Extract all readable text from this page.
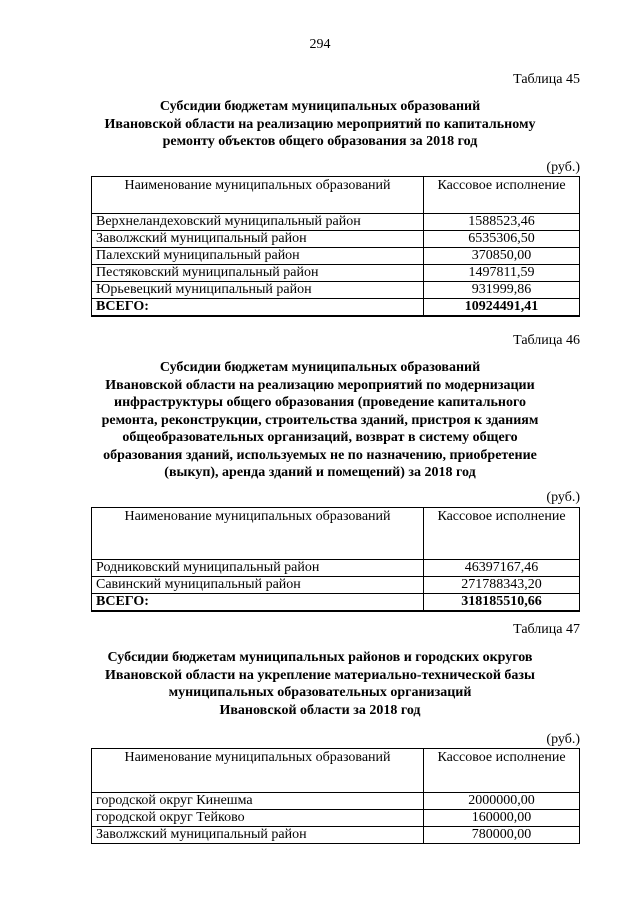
294
Таблица 45
Субсидии бюджетам муниципальных образований
Ивановской области на реализацию мероприятий по капитальному
ремонту объектов общего образования за 2018 год
(руб.)
Наименование муниципальных образований	Кассовое исполнение
Верхнеландеховский муниципальный район	1588523,46
Заволжский муниципальный район	6535306,50
Палехский муниципальный район	370850,00
Пестяковский муниципальный район	1497811,59
Юрьевецкий муниципальный район	931999,86
ВСЕГО:	10924491,41
Таблица 46
Субсидии бюджетам муниципальных образований
Ивановской области на реализацию мероприятий по модернизации
инфраструктуры общего образования (проведение капитального
ремонта, реконструкции, строительства зданий, пристроя к зданиям
общеобразовательных организаций, возврат в систему общего
образования зданий, используемых не по назначению, приобретение
(выкуп), аренда зданий и помещений) за 2018 год
(руб.)
Наименование муниципальных образований	Кассовое исполнение
Родниковский муниципальный район	46397167,46
Савинский муниципальный район	271788343,20
ВСЕГО:	318185510,66
Таблица 47
Субсидии бюджетам муниципальных районов и городских округов
Ивановской области на укрепление материально-технической базы
муниципальных образовательных организаций
Ивановской области за 2018 год
(руб.)
Наименование муниципальных образований	Кассовое исполнение
городской округ Кинешма	2000000,00
городской округ Тейково	160000,00
Заволжский муниципальный район	780000,00
